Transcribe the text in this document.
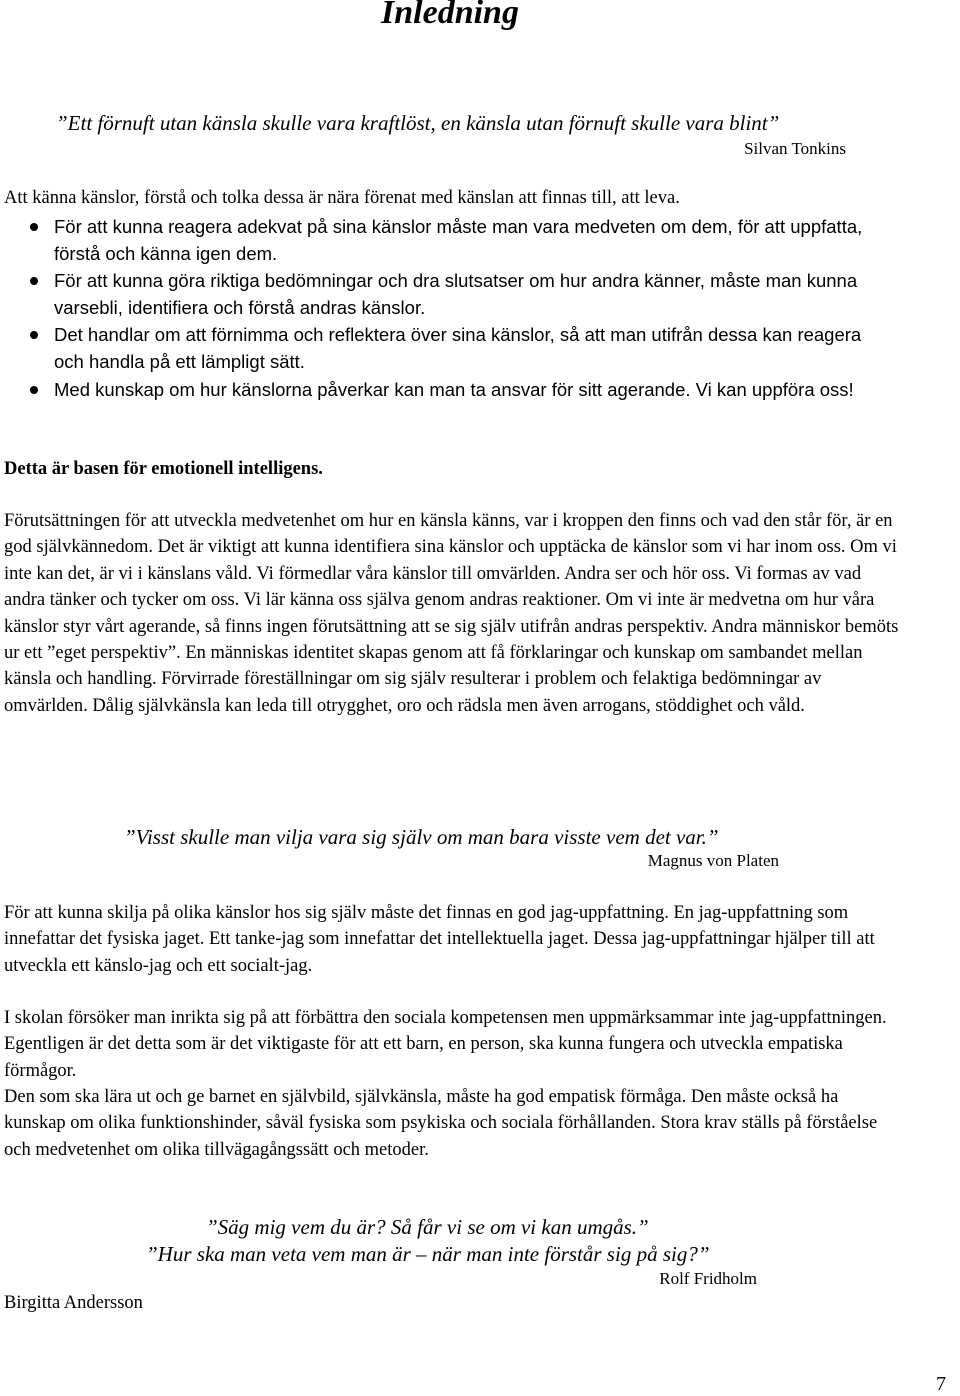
Inledning

”Ett förnuft utan känsla skulle vara kraftlöst, en känsla utan förnuft skulle vara blint”

Silvan Tonkins

Att känna känslor, förstå och tolka dessa är nära förenat med känslan att finnas till, att leva.

För att kunna reagera adekvat på sina känslor måste man vara medveten om dem, för att uppfatta, förstå och känna igen dem.
För att kunna göra riktiga bedömningar och dra slutsatser om hur andra känner, måste man kunna varsebli, identifiera och förstå andras känslor.
Det handlar om att förnimma och reflektera över sina känslor, så att man utifrån dessa kan reagera och handla på ett lämpligt sätt.
Med kunskap om hur känslorna påverkar kan man ta ansvar för sitt agerande. Vi kan uppföra oss!

Detta är basen för emotionell intelligens.

Förutsättningen för att utveckla medvetenhet om hur en känsla känns, var i kroppen den finns och vad den står för, är en god självkännedom. Det är viktigt att kunna identifiera sina känslor och upptäcka de känslor som vi har inom oss. Om vi inte kan det, är vi i känslans våld. Vi förmedlar våra känslor till omvärlden. Andra ser och hör oss. Vi formas av vad andra tänker och tycker om oss. Vi lär känna oss själva genom andras reaktioner. Om vi inte är medvetna om hur våra känslor styr vårt agerande, så finns ingen förutsättning att se sig själv utifrån andras perspektiv. Andra människor bemöts ur ett ”eget perspektiv”. En människas identitet skapas genom att få förklaringar och kunskap om sambandet mellan känsla och handling. Förvirrade föreställningar om sig själv resulterar i problem och felaktiga bedömningar av omvärlden. Dålig självkänsla kan leda till otrygghet, oro och rädsla men även arrogans, stöddighet och våld.

”Visst skulle man vilja vara sig själv om man bara visste vem det var.”

Magnus von Platen

För att kunna skilja på olika känslor hos sig själv måste det finnas en god jag-uppfattning. En jag-uppfattning som innefattar det fysiska jaget. Ett tanke-jag som innefattar det intellektuella jaget. Dessa jag-uppfattningar hjälper till att utveckla ett känslo-jag och ett socialt-jag.

I skolan försöker man inrikta sig på att förbättra den sociala kompetensen men uppmärksammar inte jag-uppfattningen. Egentligen är det detta som är det viktigaste för att ett barn, en person, ska kunna fungera och utveckla empatiska förmågor.

Den som ska lära ut och ge barnet en självbild, självkänsla, måste ha god empatisk förmåga. Den måste också ha kunskap om olika funktionshinder, såväl fysiska som psykiska och sociala förhållanden. Stora krav ställs på förståelse och medvetenhet om olika tillvägagångssätt och metoder.

”Säg mig vem du är? Så får vi se om vi kan umgås.”

”Hur ska man veta vem man är – när man inte förstår sig på sig?”

Rolf Fridholm

Birgitta Andersson

7
